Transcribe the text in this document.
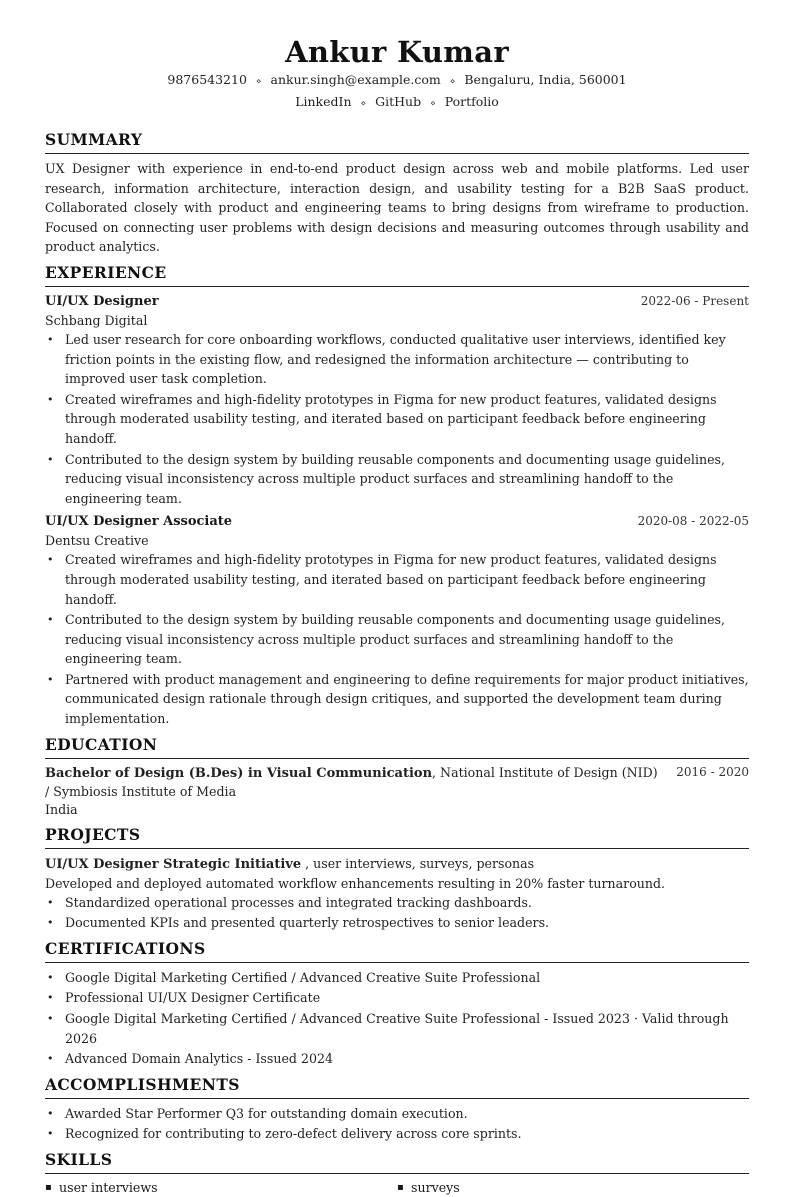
Ankur Kumar
9876543210 ⋄ ankur.singh@example.com ⋄ Bengaluru, India, 560001
LinkedIn ⋄ GitHub ⋄ Portfolio
SUMMARY
UX Designer with experience in end-to-end product design across web and mobile platforms. Led user research, information architecture, interaction design, and usability testing for a B2B SaaS product. Collaborated closely with product and engineering teams to bring designs from wireframe to production. Focused on connecting user problems with design decisions and measuring outcomes through usability and product analytics.
EXPERIENCE
UI/UX Designer	2022-06 - Present
Schbang Digital
• Led user research for core onboarding workflows, conducted qualitative user interviews, identified key friction points in the existing flow, and redesigned the information architecture — contributing to improved user task completion.
• Created wireframes and high-fidelity prototypes in Figma for new product features, validated designs through moderated usability testing, and iterated based on participant feedback before engineering handoff.
• Contributed to the design system by building reusable components and documenting usage guidelines, reducing visual inconsistency across multiple product surfaces and streamlining handoff to the engineering team.
UI/UX Designer Associate	2020-08 - 2022-05
Dentsu Creative
• Created wireframes and high-fidelity prototypes in Figma for new product features, validated designs through moderated usability testing, and iterated based on participant feedback before engineering handoff.
• Contributed to the design system by building reusable components and documenting usage guidelines, reducing visual inconsistency across multiple product surfaces and streamlining handoff to the engineering team.
• Partnered with product management and engineering to define requirements for major product initiatives, communicated design rationale through design critiques, and supported the development team during implementation.
EDUCATION
Bachelor of Design (B.Des) in Visual Communication, National Institute of Design (NID) / Symbiosis Institute of Media
India
2016 - 2020
PROJECTS
UI/UX Designer Strategic Initiative , user interviews, surveys, personas
Developed and deployed automated workflow enhancements resulting in 20% faster turnaround.
• Standardized operational processes and integrated tracking dashboards.
• Documented KPIs and presented quarterly retrospectives to senior leaders.
CERTIFICATIONS
• Google Digital Marketing Certified / Advanced Creative Suite Professional
• Professional UI/UX Designer Certificate
• Google Digital Marketing Certified / Advanced Creative Suite Professional - Issued 2023 · Valid through 2026
• Advanced Domain Analytics - Issued 2024
ACCOMPLISHMENTS
• Awarded Star Performer Q3 for outstanding domain execution.
• Recognized for contributing to zero-defect delivery across core sprints.
SKILLS
▪ user interviews
▪	surveys
